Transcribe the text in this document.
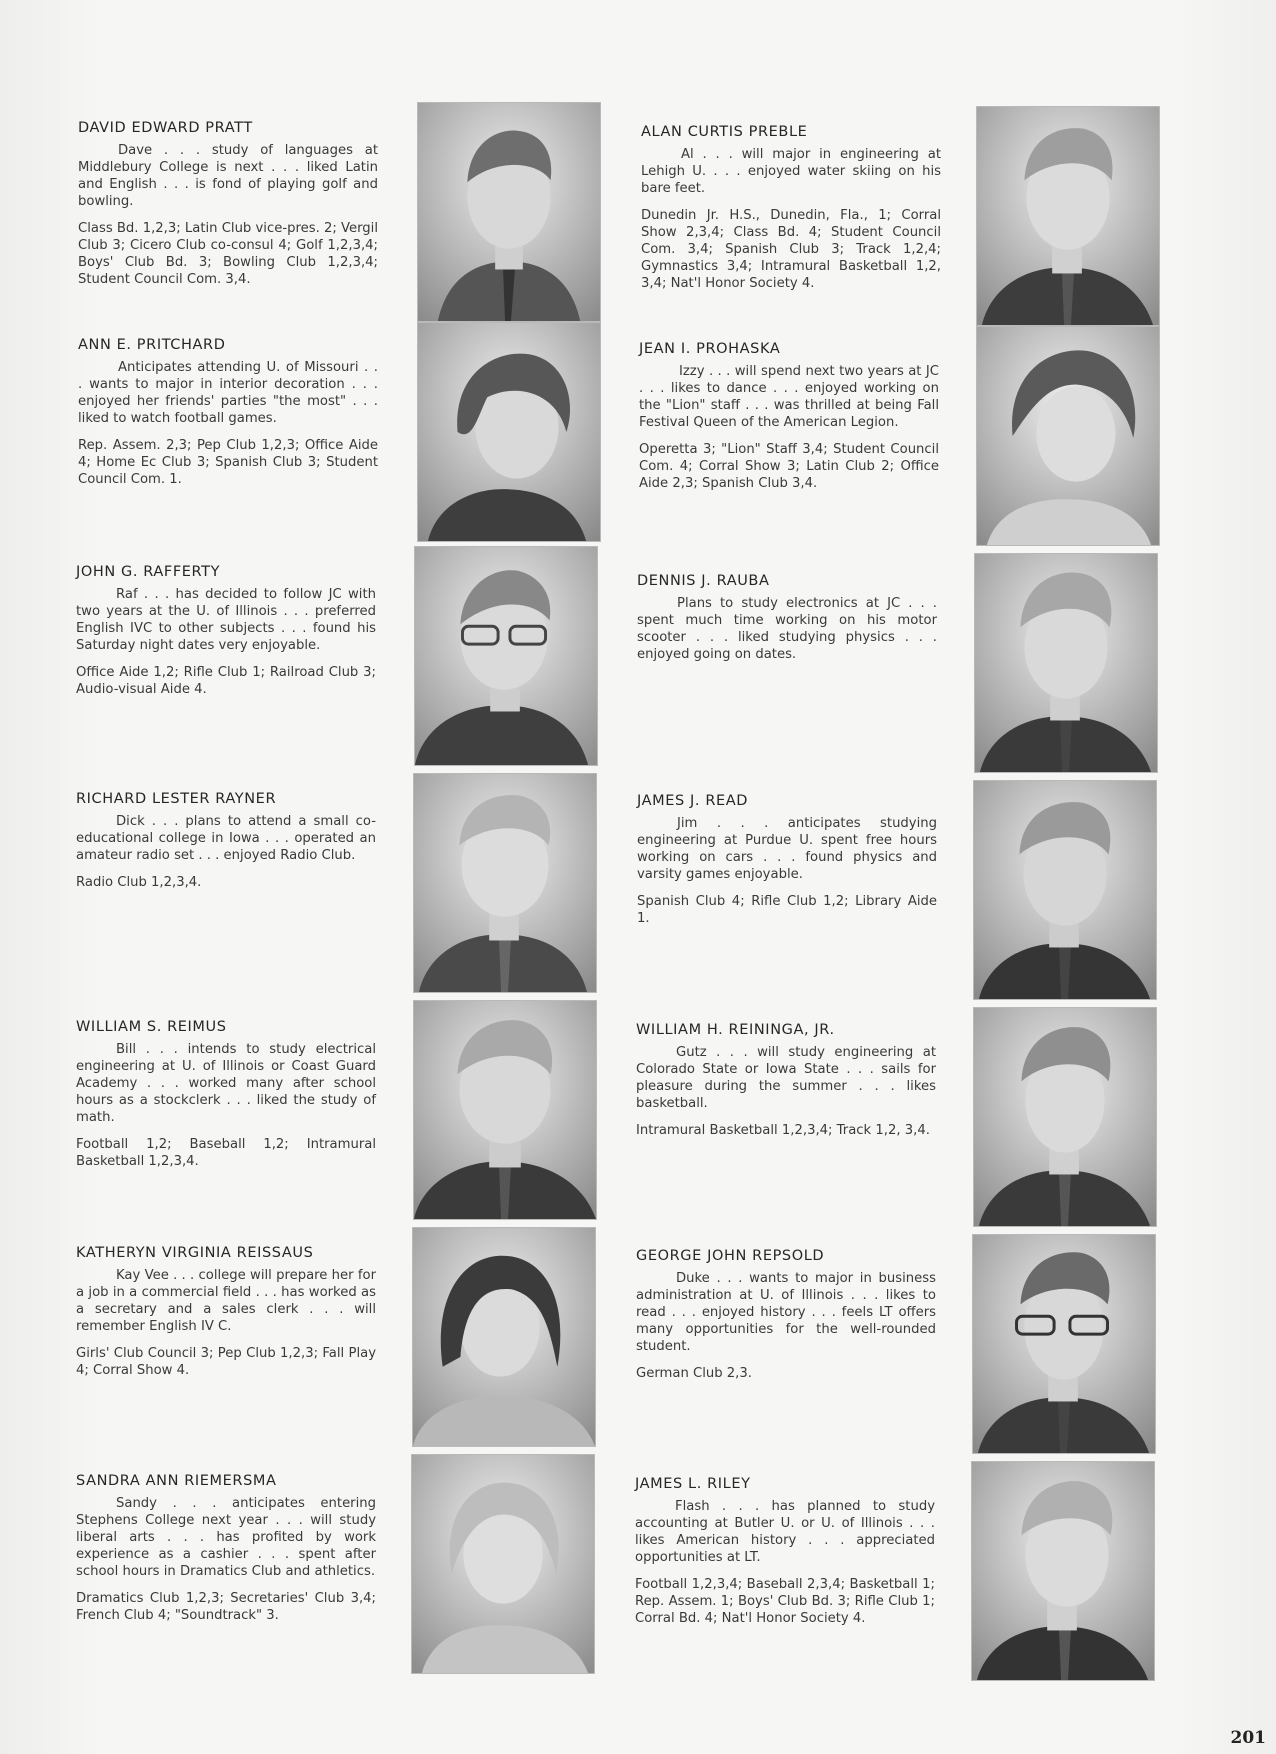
DAVID EDWARD PRATT

Dave . . . study of languages at Middlebury College is next . . . liked Latin and English . . . is fond of playing golf and bowling.

Class Bd. 1,2,3; Latin Club vice-pres. 2; Vergil Club 3; Cicero Club co-consul 4; Golf 1,2,3,4; Boys' Club Bd. 3; Bowling Club 1,2,3,4; Student Council Com. 3,4.

ANN E. PRITCHARD

Anticipates attending U. of Missouri . . . wants to major in interior decoration . . . enjoyed her friends' parties "the most" . . . liked to watch football games.

Rep. Assem. 2,3; Pep Club 1,2,3; Office Aide 4; Home Ec Club 3; Spanish Club 3; Student Council Com. 1.

JOHN G. RAFFERTY

Raf . . . has decided to follow JC with two years at the U. of Illinois . . . preferred English IVC to other subjects . . . found his Saturday night dates very enjoyable.

Office Aide 1,2; Rifle Club 1; Railroad Club 3; Audio-visual Aide 4.

RICHARD LESTER RAYNER

Dick . . . plans to attend a small co-educational college in Iowa . . . operated an amateur radio set . . . enjoyed Radio Club.

Radio Club 1,2,3,4.

WILLIAM S. REIMUS

Bill . . . intends to study electrical engineering at U. of Illinois or Coast Guard Academy . . . worked many after school hours as a stockclerk . . . liked the study of math.

Football 1,2; Baseball 1,2; Intramural Basketball 1,2,3,4.

KATHERYN VIRGINIA REISSAUS

Kay Vee . . . college will prepare her for a job in a commercial field . . . has worked as a secretary and a sales clerk . . . will remember English IV C.

Girls' Club Council 3; Pep Club 1,2,3; Fall Play 4; Corral Show 4.

SANDRA ANN RIEMERSMA

Sandy . . . anticipates entering Stephens College next year . . . will study liberal arts . . . has profited by work experience as a cashier . . . spent after school hours in Dramatics Club and athletics.

Dramatics Club 1,2,3; Secretaries' Club 3,4; French Club 4; "Soundtrack" 3.

ALAN CURTIS PREBLE

Al . . . will major in engineering at Lehigh U. . . . enjoyed water skiing on his bare feet.

Dunedin Jr. H.S., Dunedin, Fla., 1; Corral Show 2,3,4; Class Bd. 4; Student Council Com. 3,4; Spanish Club 3; Track 1,2,4; Gymnastics 3,4; Intramural Basketball 1,2, 3,4; Nat'l Honor Society 4.

JEAN I. PROHASKA

Izzy . . . will spend next two years at JC . . . likes to dance . . . enjoyed working on the "Lion" staff . . . was thrilled at being Fall Festival Queen of the American Legion.

Operetta 3; "Lion" Staff 3,4; Student Council Com. 4; Corral Show 3; Latin Club 2; Office Aide 2,3; Spanish Club 3,4.

DENNIS J. RAUBA

Plans to study electronics at JC . . . spent much time working on his motor scooter . . . liked studying physics . . . enjoyed going on dates.

JAMES J. READ

Jim . . . anticipates studying engineering at Purdue U. spent free hours working on cars . . . found physics and varsity games enjoyable.

Spanish Club 4; Rifle Club 1,2; Library Aide 1.

WILLIAM H. REININGA, JR.

Gutz . . . will study engineering at Colorado State or Iowa State . . . sails for pleasure during the summer . . . likes basketball.

Intramural Basketball 1,2,3,4; Track 1,2, 3,4.

GEORGE JOHN REPSOLD

Duke . . . wants to major in business administration at U. of Illinois . . . likes to read . . . enjoyed history . . . feels LT offers many opportunities for the well-rounded student.

German Club 2,3.

JAMES L. RILEY

Flash . . . has planned to study accounting at Butler U. or U. of Illinois . . . likes American history . . . appreciated opportunities at LT.

Football 1,2,3,4; Baseball 2,3,4; Basketball 1; Rep. Assem. 1; Boys' Club Bd. 3; Rifle Club 1; Corral Bd. 4; Nat'l Honor Society 4.

201
